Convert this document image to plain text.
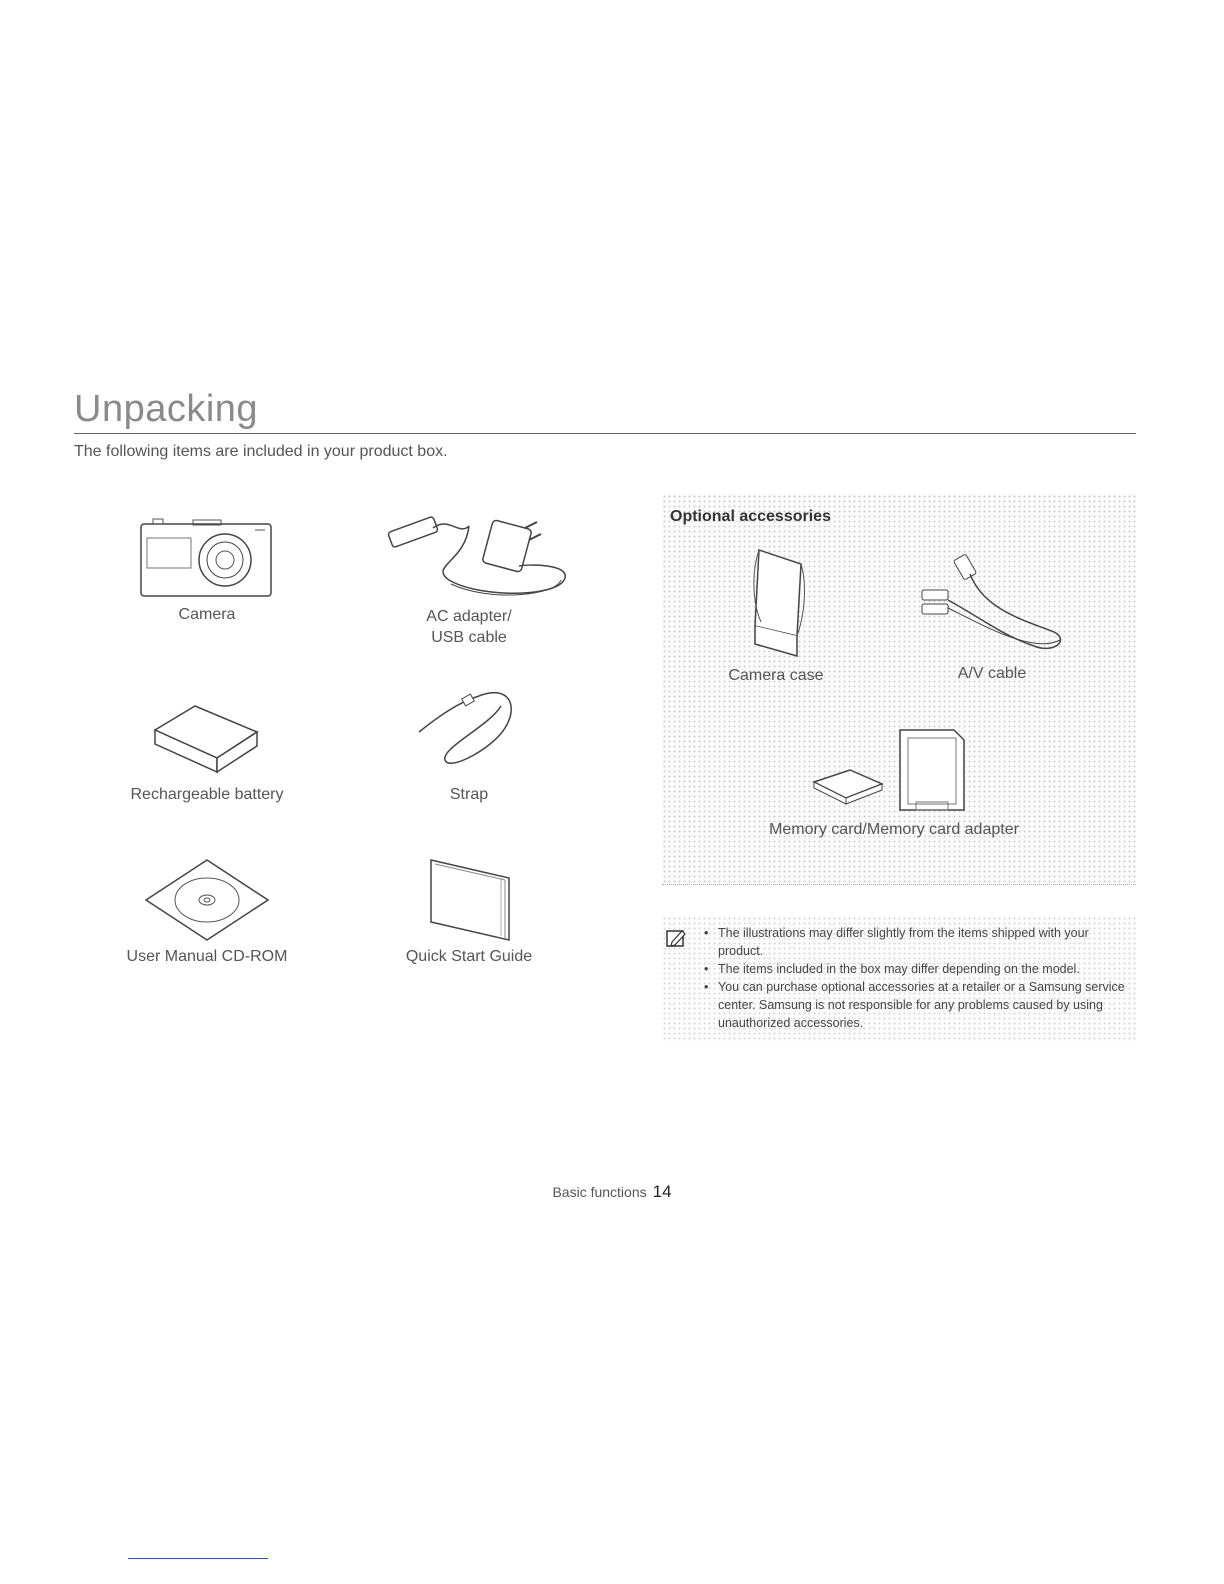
Unpacking
The following items are included in your product box.
Camera	AC adapter/
USB cable
Rechargeable battery	Strap
User Manual CD-ROM	Quick Start Guide
Optional accessories
Camera case	A/V cable
Memory card/Memory card adapter
• The illustrations may differ slightly from the items shipped with your product.
• The items included in the box may differ depending on the model.
• You can purchase optional accessories at a retailer or a Samsung service center. Samsung is not responsible for any problems caused by using unauthorized accessories.
Basic functions 14
